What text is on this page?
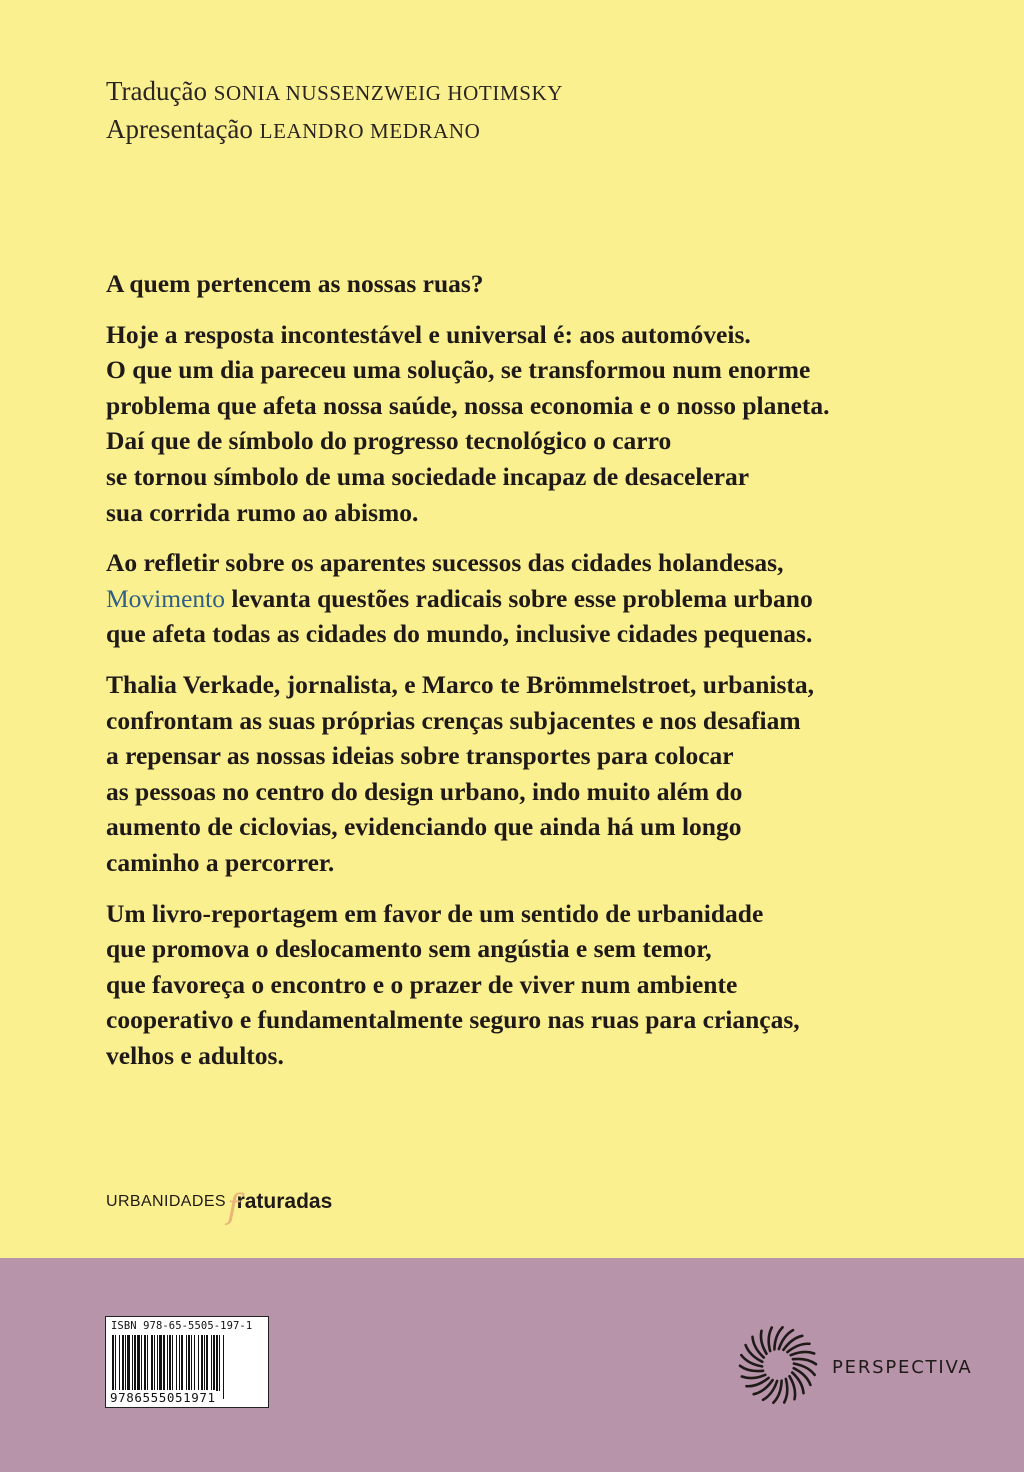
Tradução SONIA NUSSENZWEIG HOTIMSKY
Apresentação LEANDRO MEDRANO

A quem pertencem as nossas ruas?

Hoje a resposta incontestável e universal é: aos automóveis.
O que um dia pareceu uma solução, se transformou num enorme
problema que afeta nossa saúde, nossa economia e o nosso planeta.
Daí que de símbolo do progresso tecnológico o carro
se tornou símbolo de uma sociedade incapaz de desacelerar
sua corrida rumo ao abismo.

Ao refletir sobre os aparentes sucessos das cidades holandesas,
Movimento levanta questões radicais sobre esse problema urbano
que afeta todas as cidades do mundo, inclusive cidades pequenas.

Thalia Verkade, jornalista, e Marco te Brömmelstroet, urbanista,
confrontam as suas próprias crenças subjacentes e nos desafiam
a repensar as nossas ideias sobre transportes para colocar
as pessoas no centro do design urbano, indo muito além do
aumento de ciclovias, evidenciando que ainda há um longo
caminho a percorrer.

Um livro-reportagem em favor de um sentido de urbanidade
que promova o deslocamento sem angústia e sem temor,
que favoreça o encontro e o prazer de viver num ambiente
cooperativo e fundamentalmente seguro nas ruas para crianças,
velhos e adultos.

URBANIDADESfraturadas
ISBN 978-65-5505-197-1
9786555051971
PERSPECTIVA
